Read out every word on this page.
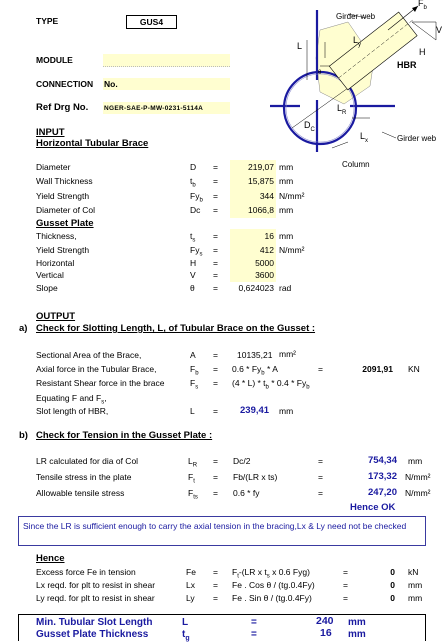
TYPE	GUS4
MODULE
CONNECTION No.
Ref Drg No. NGER-SAE-P-MW-0231-5114A
Girder web
$F_b$
V
H
HBR
L
$L_y$
θ
$L_R$
$D_C$
$L_x$	Girder web
Column
INPUT
Horizontal Tubular Brace
Diameter	D =	219,07 mm
Wall Thickness	$t_b$ =	15,875 mm
Yield Strength	$Fy_b$ =	344 N/mm²
Diameter of Col	Dc =	1066,8 mm
Gusset Plate
Thickness,	$t_s$ =	16 mm
Yield Strength	$Fy_s$ =	412 N/mm²
Horizontal	H =	5000
Vertical	V =	3600
Slope	θ =	0,624023 rad
OUTPUT
a) Check for Slotting Length, L, of Tubular Brace on the Gusset :
Sectional Area of the Brace,	A = 10135,21 mm²
Axial force in the Tubular Brace,	$F_b = 0.6 * Fy_b * A$	=	2091,91 KN
Resistant Shear force in the brace	$F_s = (4 * L) * t_b * 0.4 * Fy_b$
Equating F and $F_s$,
Slot length of HBR,	L = 239,41 mm
b) Check for Tension in the Gusset Plate :
LR calculated for dia of Col	$L_R = Dc/2$	=	754,34 mm
Tensile stress in the plate	$F_t = Fb/(LR$ x ts)	=	173,32 N/mm²
Allowable tensile stress	$F_{ts} = 0.6$ * fy	=	247,20 N/mm²
Hence OK
Since the LR is sufficient enough to carry the axial tension in the bracing,Lx & Ly need not be checked
Hence
Excess force Fe in tension	$Fe = F_t-(LR$ x $t_s$ x 0.6 Fyg)	=	0 kN
Lx reqd. for plt to resist in shear	Lx = Fe . Cos θ / (tg.0.4Fy)	=	0 mm
Ly reqd. for plt to resist in shear	Ly = Fe . Sin θ / (tg.0.4Fy)	=	0 mm
Min. Tubular Slot Length	L	=	240 mm
Gusset Plate Thickness	$t_g$	=	16 mm
